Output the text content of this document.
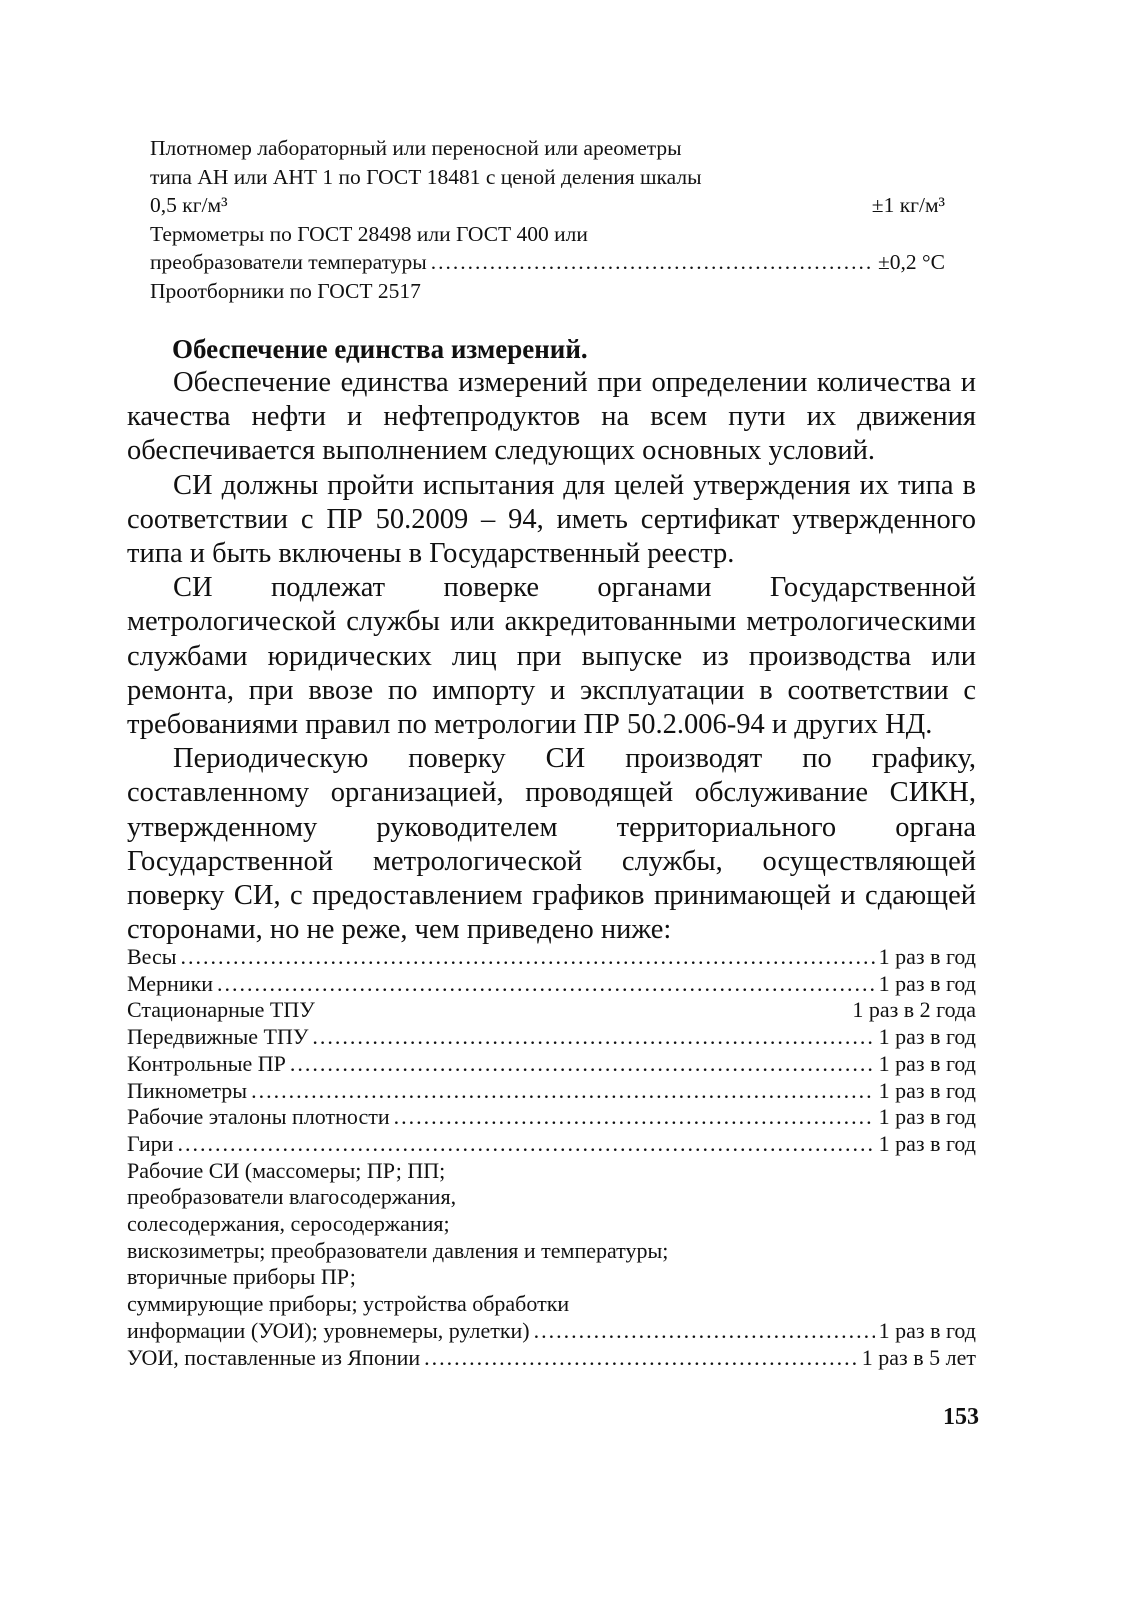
Плотномер лабораторный или переносной или ареометры
типа АН или АНТ 1 по ГОСТ 18481 с ценой деления шкалы
0,5 кг/м³	±1 кг/м³
Термометры по ГОСТ 28498 или ГОСТ 400 или
преобразователи температуры .....	±0,2 °С
Проотборники по ГОСТ 2517
Обеспечение единства измерений.

Обеспечение единства измерений при определении количества и качества нефти и нефтепродуктов на всем пути их движения обеспечивается выполнением следующих основных условий.

СИ должны пройти испытания для целей утверждения их типа в соответствии с ПР 50.2009 – 94, иметь сертификат утвержденного типа и быть включены в Государственный реестр.

СИ подлежат поверке органами Государственной метрологической службы или аккредитованными метрологическими службами юридических лиц при выпуске из производства или ремонта, при ввозе по импорту и эксплуатации в соответствии с требованиями правил по метрологии ПР 50.2.006-94 и других НД.

Периодическую поверку СИ производят по графику, составленному организацией, проводящей обслуживание СИКН, утвержденному руководителем территориального органа Государственной метрологической службы, осуществляющей поверку СИ, с предоставлением графиков принимающей и сдающей сторонами, но не реже, чем приведено ниже:

Весы .....	1 раз в год
Мерники .....	1 раз в год
Стационарные ТПУ	1 раз в 2 года
Передвижные ТПУ .....	1 раз в год
Контрольные ПР .....	1 раз в год
Пикнометры .....	1 раз в год
Рабочие эталоны плотности .....	1 раз в год
Гири .....	1 раз в год
Рабочие СИ (массомеры; ПР; ПП;
преобразователи влагосодержания,
солесодержания, серосодержания;
вискозиметры; преобразователи давления и температуры;
вторичные приборы ПР;
суммирующие приборы; устройства обработки
информации (УОИ); уровнемеры, рулетки) .....	1 раз в год
УОИ, поставленные из Японии .....	1 раз в 5 лет
153
